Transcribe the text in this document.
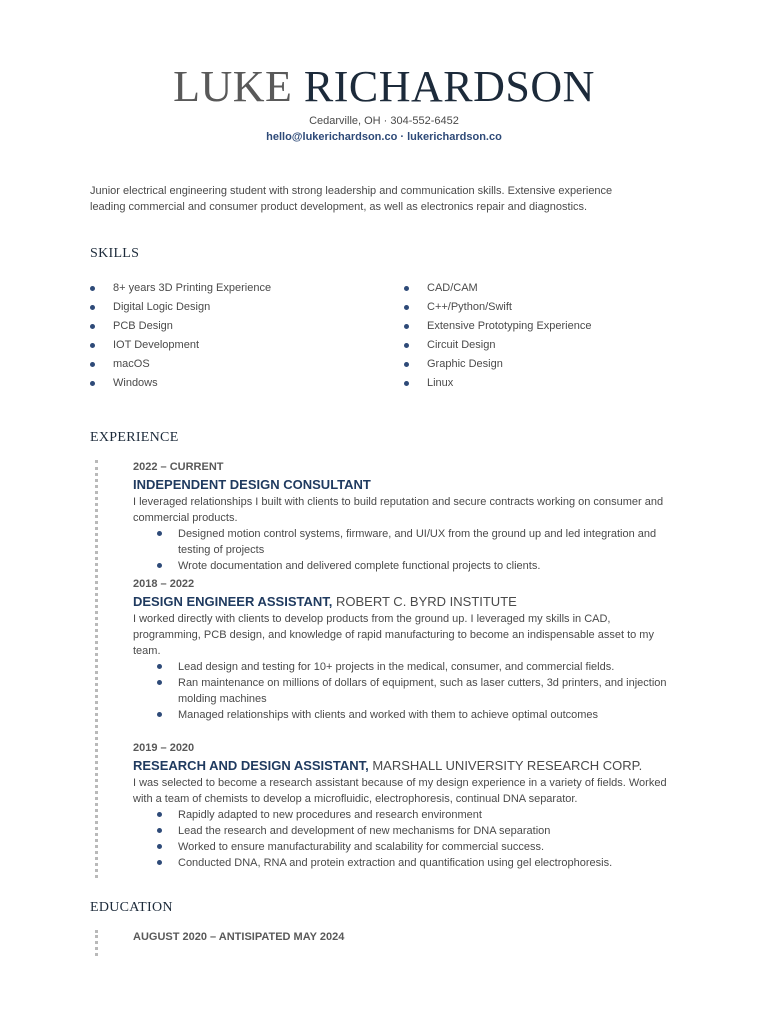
LUKE RICHARDSON
Cedarville, OH · 304-552-6452
hello@lukerichardson.co · lukerichardson.co
Junior electrical engineering student with strong leadership and communication skills. Extensive experience leading commercial and consumer product development, as well as electronics repair and diagnostics.
SKILLS
8+ years 3D Printing Experience
Digital Logic Design
PCB Design
IOT Development
macOS
Windows
CAD/CAM
C++/Python/Swift
Extensive Prototyping Experience
Circuit Design
Graphic Design
Linux
EXPERIENCE
2022 – CURRENT
INDEPENDENT DESIGN CONSULTANT
I leveraged relationships I built with clients to build reputation and secure contracts working on consumer and commercial products.
Designed motion control systems, firmware, and UI/UX from the ground up and led integration and testing of projects
Wrote documentation and delivered complete functional projects to clients.
2018 – 2022
DESIGN ENGINEER ASSISTANT, ROBERT C. BYRD INSTITUTE
I worked directly with clients to develop products from the ground up. I leveraged my skills in CAD, programming, PCB design, and knowledge of rapid manufacturing to become an indispensable asset to my team.
Lead design and testing for 10+ projects in the medical, consumer, and commercial fields.
Ran maintenance on millions of dollars of equipment, such as laser cutters, 3d printers, and injection molding machines
Managed relationships with clients and worked with them to achieve optimal outcomes
2019 – 2020
RESEARCH AND DESIGN ASSISTANT, MARSHALL UNIVERSITY RESEARCH CORP.
I was selected to become a research assistant because of my design experience in a variety of fields. Worked with a team of chemists to develop a microfluidic, electrophoresis, continual DNA separator.
Rapidly adapted to new procedures and research environment
Lead the research and development of new mechanisms for DNA separation
Worked to ensure manufacturability and scalability for commercial success.
Conducted DNA, RNA and protein extraction and quantification using gel electrophoresis.
EDUCATION
AUGUST 2020 – ANTISIPATED MAY 2024
